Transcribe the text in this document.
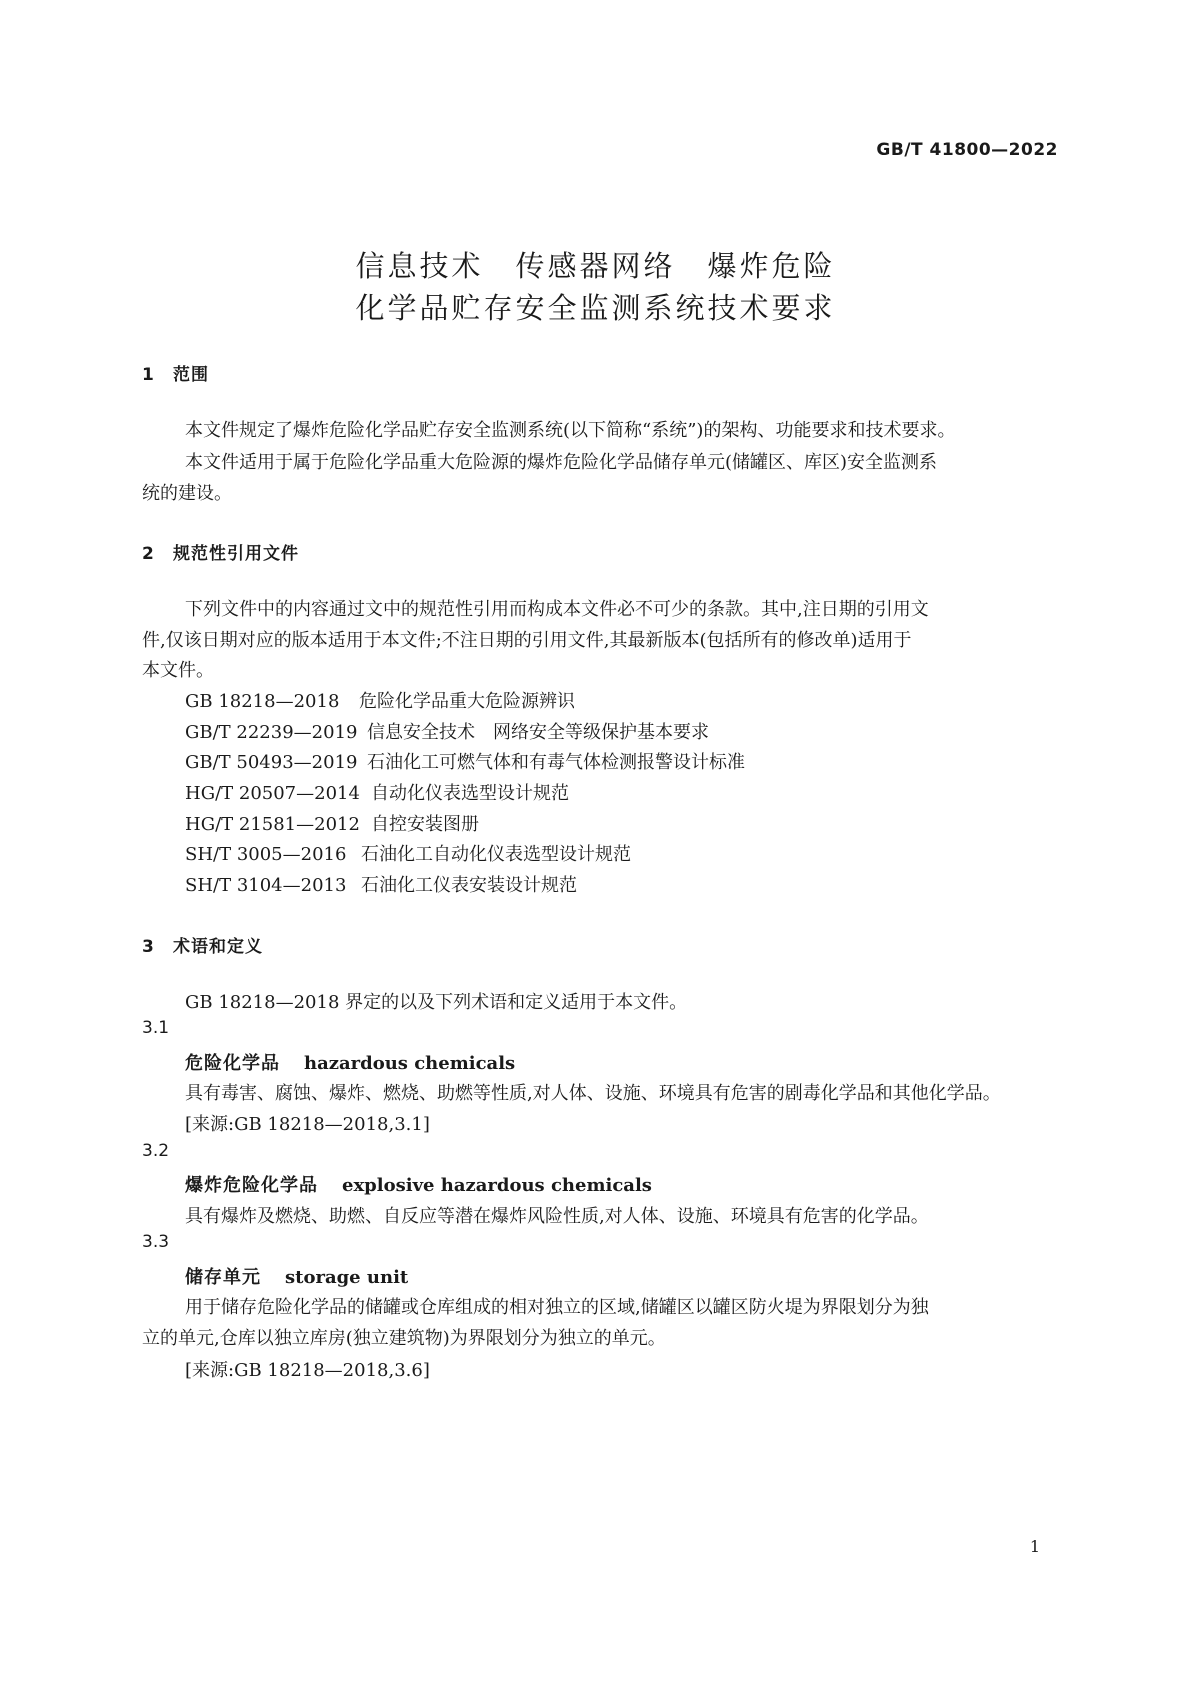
GB/T 41800—2022
信息技术　传感器网络　爆炸危险
化学品贮存安全监测系统技术要求
1 范围
本文件规定了爆炸危险化学品贮存安全监测系统(以下简称“系统”)的架构、功能要求和技术要求。
本文件适用于属于危险化学品重大危险源的爆炸危险化学品储存单元(储罐区、库区)安全监测系
统的建设。
2 规范性引用文件
下列文件中的内容通过文中的规范性引用而构成本文件必不可少的条款。其中,注日期的引用文
件,仅该日期对应的版本适用于本文件;不注日期的引用文件,其最新版本(包括所有的修改单)适用于
本文件。
GB 18218—2018 危险化学品重大危险源辨识
GB/T 22239—2019 信息安全技术　网络安全等级保护基本要求
GB/T 50493—2019 石油化工可燃气体和有毒气体检测报警设计标准
HG/T 20507—2014 自动化仪表选型设计规范
HG/T 21581—2012 自控安装图册
SH/T 3005—2016 石油化工自动化仪表选型设计规范
SH/T 3104—2013 石油化工仪表安装设计规范
3 术语和定义
GB 18218—2018 界定的以及下列术语和定义适用于本文件。
3.1
危险化学品 hazardous chemicals
具有毒害、腐蚀、爆炸、燃烧、助燃等性质,对人体、设施、环境具有危害的剧毒化学品和其他化学品。
[来源:GB 18218—2018,3.1]
3.2
爆炸危险化学品 explosive hazardous chemicals
具有爆炸及燃烧、助燃、自反应等潜在爆炸风险性质,对人体、设施、环境具有危害的化学品。
3.3
储存单元 storage unit
用于储存危险化学品的储罐或仓库组成的相对独立的区域,储罐区以罐区防火堤为界限划分为独
立的单元,仓库以独立库房(独立建筑物)为界限划分为独立的单元。
[来源:GB 18218—2018,3.6]
1
